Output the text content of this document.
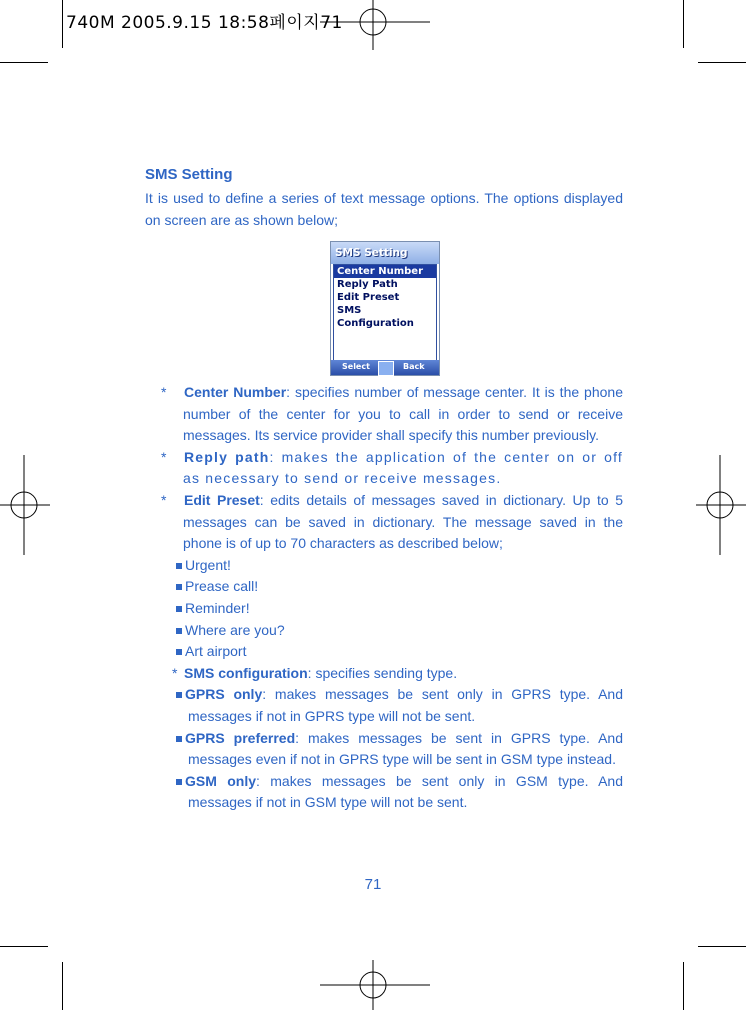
740M 2005.9.15 18:58페이지71
SMS Setting
It is used to define a series of text message options. The options displayed on screen are as shown below;
SMS Setting
Center Number
Reply Path
Edit Preset
SMS Configuration
Select	Back

* Center Number: specifies number of message center. It is the phone number of the center for you to call in order to send or receive messages. Its service provider shall specify this number previously.

* Reply path: makes the application of the center on or off as necessary to send or receive messages.

* Edit Preset: edits details of messages saved in dictionary. Up to 5 messages can be saved in dictionary. The message saved in the phone is of up to 70 characters as described below;

Urgent!

Prease call!

Reminder!

Where are you?

Art airport

* SMS configuration: specifies sending type.

GPRS only: makes messages be sent only in GPRS type. And messages if not in GPRS type will not be sent.

GPRS preferred: makes messages be sent in GPRS type. And messages even if not in GPRS type will be sent in GSM type instead.

GSM only: makes messages be sent only in GSM type. And messages if not in GSM type will not be sent.

71
